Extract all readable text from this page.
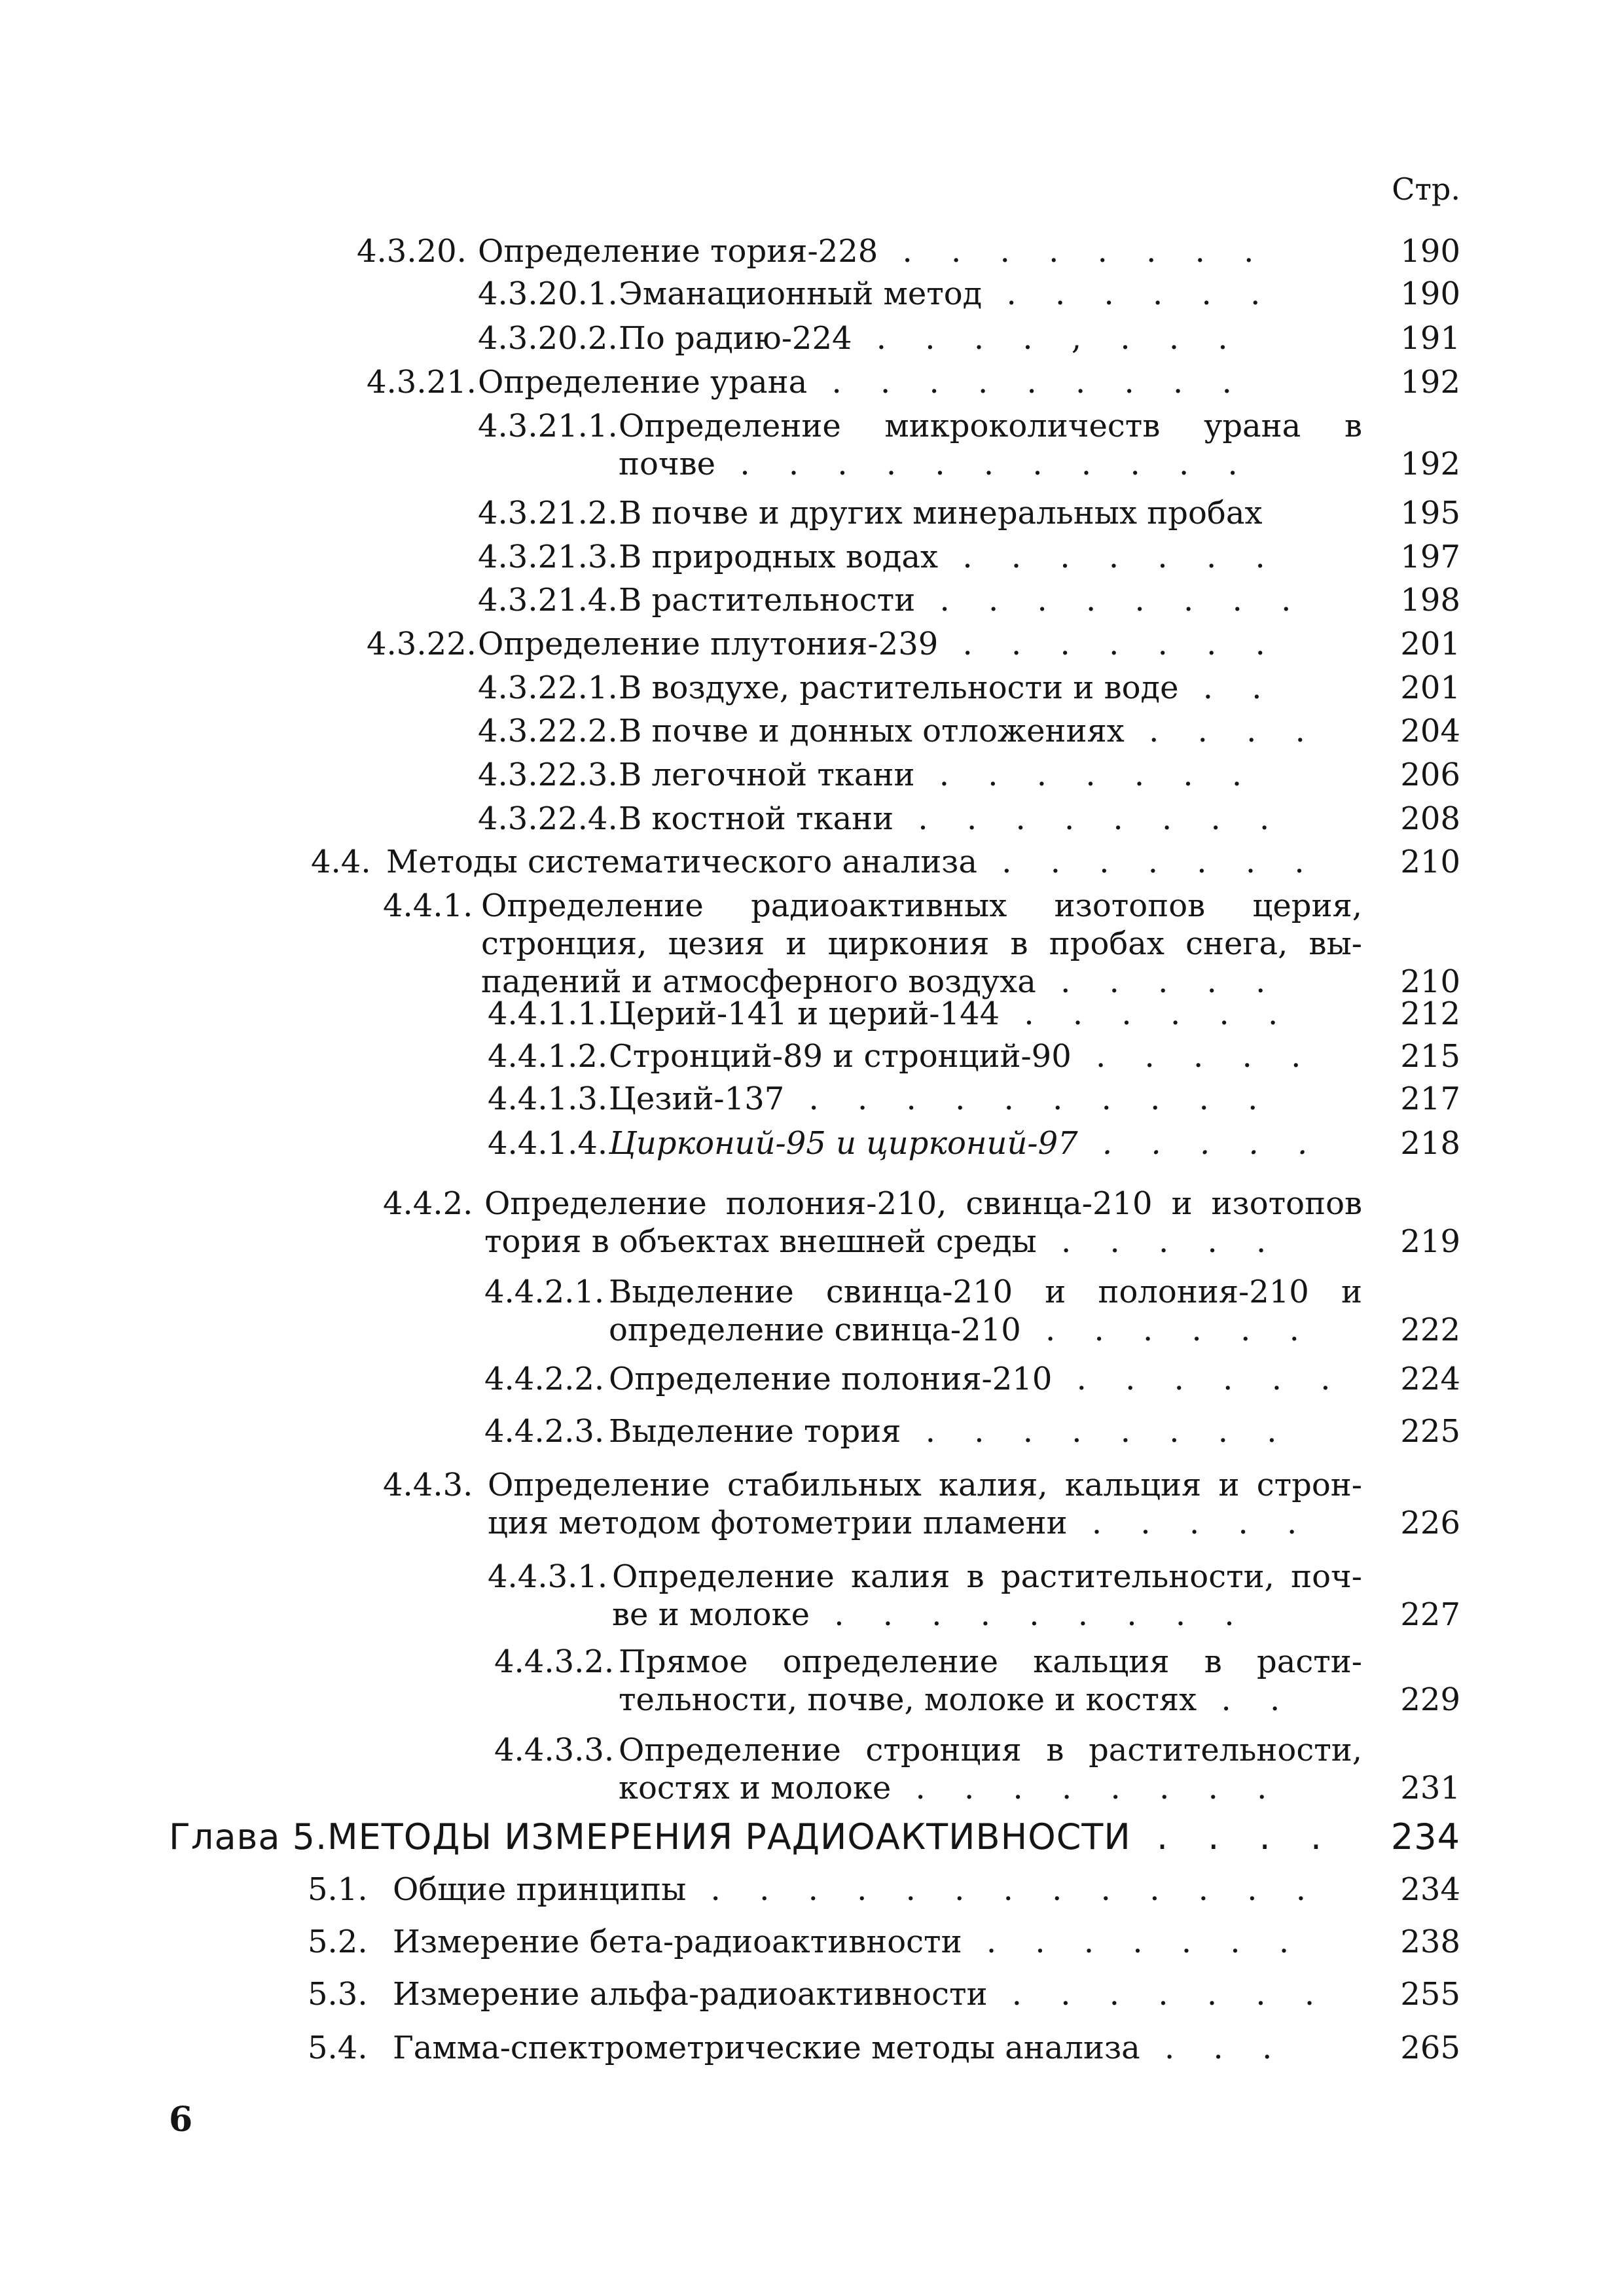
Стр.
4.3.20. Определение тория-228 . . . . . . . .	190
4.3.20.1. Эманационный метод . . . . . .	190
4.3.20.2. По радию-224 . . . . , . . .	191
4.3.21. Определение урана . . . . . . . . .	192
4.3.21.1. Определение микроколичеств урана в
почве . . . . . . . . . . .	192
4.3.21.2. В почве и других минеральных пробах	195
4.3.21.3. В природных водах . . . . . . .	197
4.3.21.4. В растительности . . . . . . . .	198
4.3.22. Определение плутония-239 . . . . . . .	201
4.3.22.1. В воздухе, растительности и воде . .	201
4.3.22.2. В почве и донных отложениях . . . .	204
4.3.22.3. В легочной ткани . . . . . . .	206
4.3.22.4. В костной ткани . . . . . . . .	208
4.4. Методы систематического анализа . . . . . . .	210
4.4.1. Определение радиоактивных изотопов церия,
стронция, цезия и циркония в пробах снега, вы-
падений и атмосферного воздуха . . . . .	210
4.4.1.1. Церий-141 и церий-144 . . . . . .	212
4.4.1.2. Стронций-89 и стронций-90 . . . . .	215
4.4.1.3. Цезий-137 . . . . . . . . . .	217
4.4.1.4. Цирконий-95 и цирконий-97 . . . . .	218
4.4.2. Определение полония-210, свинца-210 и изотопов
тория в объектах внешней среды . . . . .	219
4.4.2.1. Выделение свинца-210 и полония-210 и
определение свинца-210 . . . . . .	222
4.4.2.2. Определение полония-210 . . . . . .	224
4.4.2.3. Выделение тория . . . . . . . .	225
4.4.3. Определение стабильных калия, кальция и строн-
ция методом фотометрии пламени . . . . .	226
4.4.3.1. Определение калия в растительности, поч-
ве и молоке . . . . . . . . .	227
4.4.3.2. Прямое определение кальция в расти-
тельности, почве, молоке и костях . .	229
4.4.3.3. Определение стронция в растительности,
костях и молоке . . . . . . . .	231
Глава 5. МЕТОДЫ ИЗМЕРЕНИЯ РАДИОАКТИВНОСТИ . . . .	234
5.1. Общие принципы . . . . . . . . . . . . .	234
5.2. Измерение бета-радиоактивности . . . . . . .	238
5.3. Измерение альфа-радиоактивности . . . . . . .	255
5.4. Гамма-спектрометрические методы анализа . . .	265
6
